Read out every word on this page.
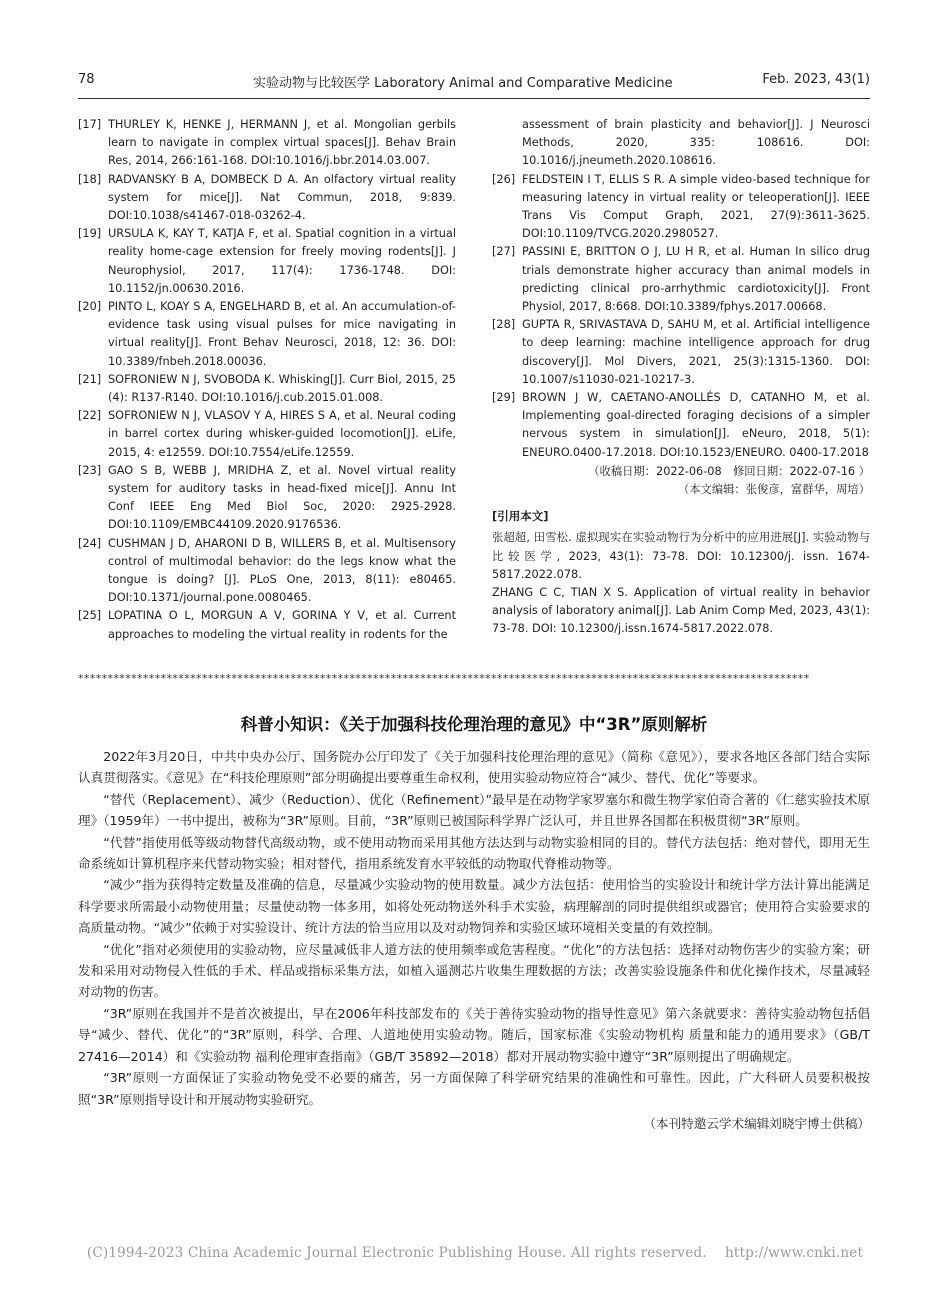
78	实验动物与比较医学 Laboratory Animal and Comparative Medicine	Feb. 2023, 43(1)
[17] THURLEY K, HENKE J, HERMANN J, et al. Mongolian gerbils learn to navigate in complex virtual spaces[J]. Behav Brain Res, 2014, 266:161-168. DOI:10.1016/j.bbr.2014.03.007.
[18] RADVANSKY B A, DOMBECK D A. An olfactory virtual reality system for mice[J]. Nat Commun, 2018, 9:839. DOI:10.1038/s41467-018-03262-4.
[19] URSULA K, KAY T, KATJA F, et al. Spatial cognition in a virtual reality home-cage extension for freely moving rodents[J]. J Neurophysiol, 2017, 117(4): 1736-1748. DOI: 10.1152/jn.00630.2016.
[20] PINTO L, KOAY S A, ENGELHARD B, et al. An accumulation-of-evidence task using visual pulses for mice navigating in virtual reality[J]. Front Behav Neurosci, 2018, 12: 36. DOI: 10.3389/fnbeh.2018.00036.
[21] SOFRONIEW N J, SVOBODA K. Whisking[J]. Curr Biol, 2015, 25 (4): R137-R140. DOI:10.1016/j.cub.2015.01.008.
[22] SOFRONIEW N J, VLASOV Y A, HIRES S A, et al. Neural coding in barrel cortex during whisker-guided locomotion[J]. eLife, 2015, 4: e12559. DOI:10.7554/eLife.12559.
[23] GAO S B, WEBB J, MRIDHA Z, et al. Novel virtual reality system for auditory tasks in head-fixed mice[J]. Annu Int Conf IEEE Eng Med Biol Soc, 2020: 2925-2928. DOI:10.1109/EMBC44109.2020.9176536.
[24] CUSHMAN J D, AHARONI D B, WILLERS B, et al. Multisensory control of multimodal behavior: do the legs know what the tongue is doing? [J]. PLoS One, 2013, 8(11): e80465. DOI:10.1371/journal.pone.0080465.
[25] LOPATINA O L, MORGUN A V, GORINA Y V, et al. Current approaches to modeling the virtual reality in rodents for the
assessment of brain plasticity and behavior[J]. J Neurosci Methods, 2020, 335: 108616. DOI: 10.1016/j.jneumeth.2020.108616.
[26] FELDSTEIN I T, ELLIS S R. A simple video-based technique for measuring latency in virtual reality or teleoperation[J]. IEEE Trans Vis Comput Graph, 2021, 27(9):3611-3625. DOI:10.1109/TVCG.2020.2980527.
[27] PASSINI E, BRITTON O J, LU H R, et al. Human In silico drug trials demonstrate higher accuracy than animal models in predicting clinical pro-arrhythmic cardiotoxicity[J]. Front Physiol, 2017, 8:668. DOI:10.3389/fphys.2017.00668.
[28] GUPTA R, SRIVASTAVA D, SAHU M, et al. Artificial intelligence to deep learning: machine intelligence approach for drug discovery[J]. Mol Divers, 2021, 25(3):1315-1360. DOI: 10.1007/s11030-021-10217-3.
[29] BROWN J W, CAETANO-ANOLLÉS D, CATANHO M, et al. Implementing goal-directed foraging decisions of a simpler nervous system in simulation[J]. eNeuro, 2018, 5(1): ENEURO.0400-17.2018. DOI:10.1523/ENEURO. 0400-17.2018
（收稿日期：2022-06-08　修回日期：2022-07-16 ）
（本文编辑：张俊彦，富群华，周培）
[引用本文]
张超超, 田雪松. 虚拟现实在实验动物行为分析中的应用进展[J]. 实验动物与比较医学, 2023, 43(1): 73-78. DOI: 10.12300/j. issn. 1674-5817.2022.078.
ZHANG C C, TIAN X S. Application of virtual reality in behavior analysis of laboratory animal[J]. Lab Anim Comp Med, 2023, 43(1): 73-78. DOI: 10.12300/j.issn.1674-5817.2022.078.
****************************************************************************************************************************
科普小知识：《关于加强科技伦理治理的意见》中“3R”原则解析

2022年3月20日，中共中央办公厅、国务院办公厅印发了《关于加强科技伦理治理的意见》（简称《意见》），要求各地区各部门结合实际认真贯彻落实。《意见》在“科技伦理原则”部分明确提出要尊重生命权利，使用实验动物应符合“减少、替代、优化”等要求。

“替代（Replacement）、减少（Reduction）、优化（Refinement）”最早是在动物学家罗塞尔和微生物学家伯奇合著的《仁慈实验技术原理》（1959年）一书中提出，被称为“3R”原则。目前，“3R”原则已被国际科学界广泛认可，并且世界各国都在积极贯彻“3R”原则。

“代替”指使用低等级动物替代高级动物，或不使用动物而采用其他方法达到与动物实验相同的目的。替代方法包括：绝对替代，即用无生命系统如计算机程序来代替动物实验；相对替代，指用系统发育水平较低的动物取代脊椎动物等。

“减少”指为获得特定数量及准确的信息，尽量减少实验动物的使用数量。减少方法包括：使用恰当的实验设计和统计学方法计算出能满足科学要求所需最小动物使用量；尽量使动物一体多用，如将处死动物送外科手术实验，病理解剖的同时提供组织或器官；使用符合实验要求的高质量动物。“减少”依赖于对实验设计、统计方法的恰当应用以及对动物饲养和实验区域环境相关变量的有效控制。

“优化”指对必须使用的实验动物，应尽量减低非人道方法的使用频率或危害程度。“优化”的方法包括：选择对动物伤害少的实验方案；研发和采用对动物侵入性低的手术、样品或指标采集方法，如植入遥测芯片收集生理数据的方法；改善实验设施条件和优化操作技术，尽量减轻对动物的伤害。

“3R”原则在我国并不是首次被提出，早在2006年科技部发布的《关于善待实验动物的指导性意见》第六条就要求：善待实验动物包括倡导“减少、替代、优化”的“3R”原则，科学、合理、人道地使用实验动物。随后，国家标准《实验动物机构 质量和能力的通用要求》（GB/T 27416—2014）和《实验动物 福利伦理审查指南》（GB/T 35892—2018）都对开展动物实验中遵守“3R”原则提出了明确规定。

“3R”原则一方面保证了实验动物免受不必要的痛苦，另一方面保障了科学研究结果的准确性和可靠性。因此，广大科研人员要积极按照“3R”原则指导设计和开展动物实验研究。

（本刊特邀云学术编辑刘晓宇博士供稿）
(C)1994-2023 China Academic Journal Electronic Publishing House. All rights reserved.　 http://www.cnki.net
